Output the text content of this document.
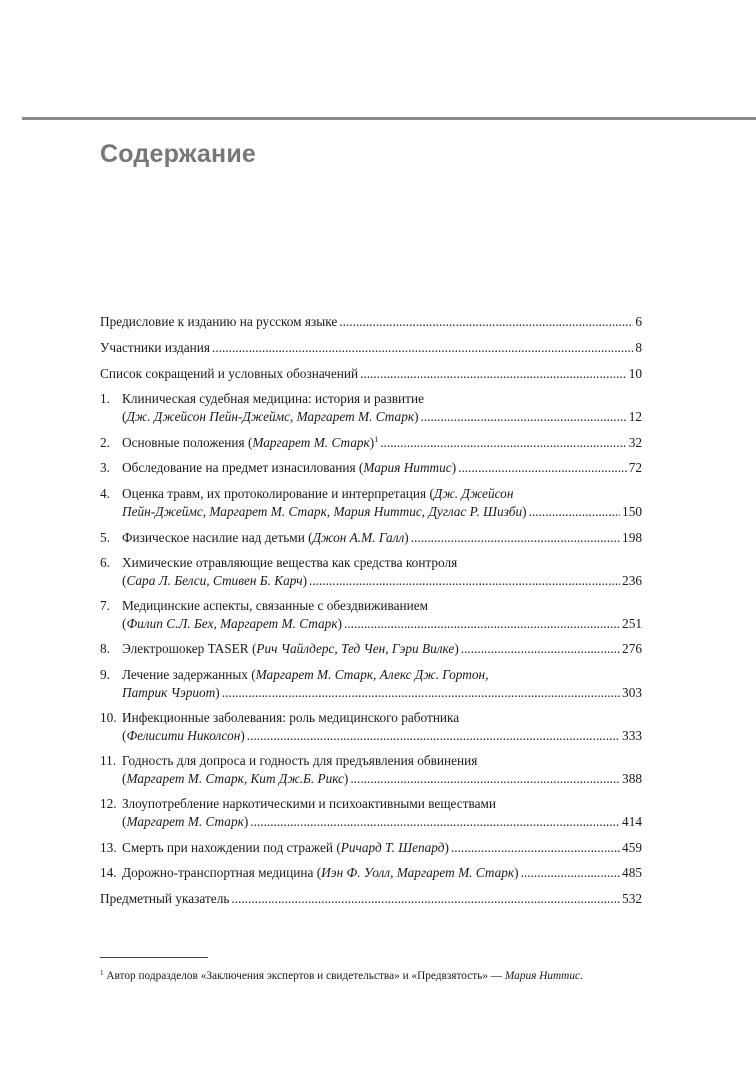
Содержание
Предисловие к изданию на русском языке .....	6
Участники издания .....	8
Список сокращений и условных обозначений .....	10
1. Клиническая судебная медицина: история и развитие
(Дж. Джейсон Пейн-Джеймс, Маргарет М. Старк) .....	12
2. Основные положения (Маргарет М. Старк)$^1$ .....	32
3. Обследование на предмет изнасилования (Мария Ниттис) .....	72
4. Оценка травм, их протоколирование и интерпретация (Дж. Джейсон
Пейн-Джеймс, Маргарет М. Старк, Мария Ниттис, Дуглас Р. Шизби) .....	150
5. Физическое насилие над детьми (Джон А.М. Галл) .....	198
6. Химические отравляющие вещества как средства контроля
(Сара Л. Белси, Стивен Б. Карч) .....	236
7. Медицинские аспекты, связанные с обездвиживанием
(Филип С.Л. Бех, Маргарет М. Старк) .....	251
8. Электрошокер TASER (Рич Чайлдерс, Тед Чен, Гэри Вилке) .....	276
9. Лечение задержанных (Маргарет М. Старк, Алекс Дж. Гортон,
Патрик Чэриот) .....	303
10. Инфекционные заболевания: роль медицинского работника
(Фелисити Николсон) .....	333
11. Годность для допроса и годность для предъявления обвинения
(Маргарет М. Старк, Кит Дж.Б. Рикс) .....	388
12. Злоупотребление наркотическими и психоактивными веществами
(Маргарет М. Старк) .....	414
13. Смерть при нахождении под стражей (Ричард Т. Шепард) .....	459
14. Дорожно-транспортная медицина (Иэн Ф. Уолл, Маргарет М. Старк) .....	485
Предметный указатель .....	532
$^1$ Автор подразделов «Заключения экспертов и свидетельства» и «Предвзятость» — Мария Ниттис.
